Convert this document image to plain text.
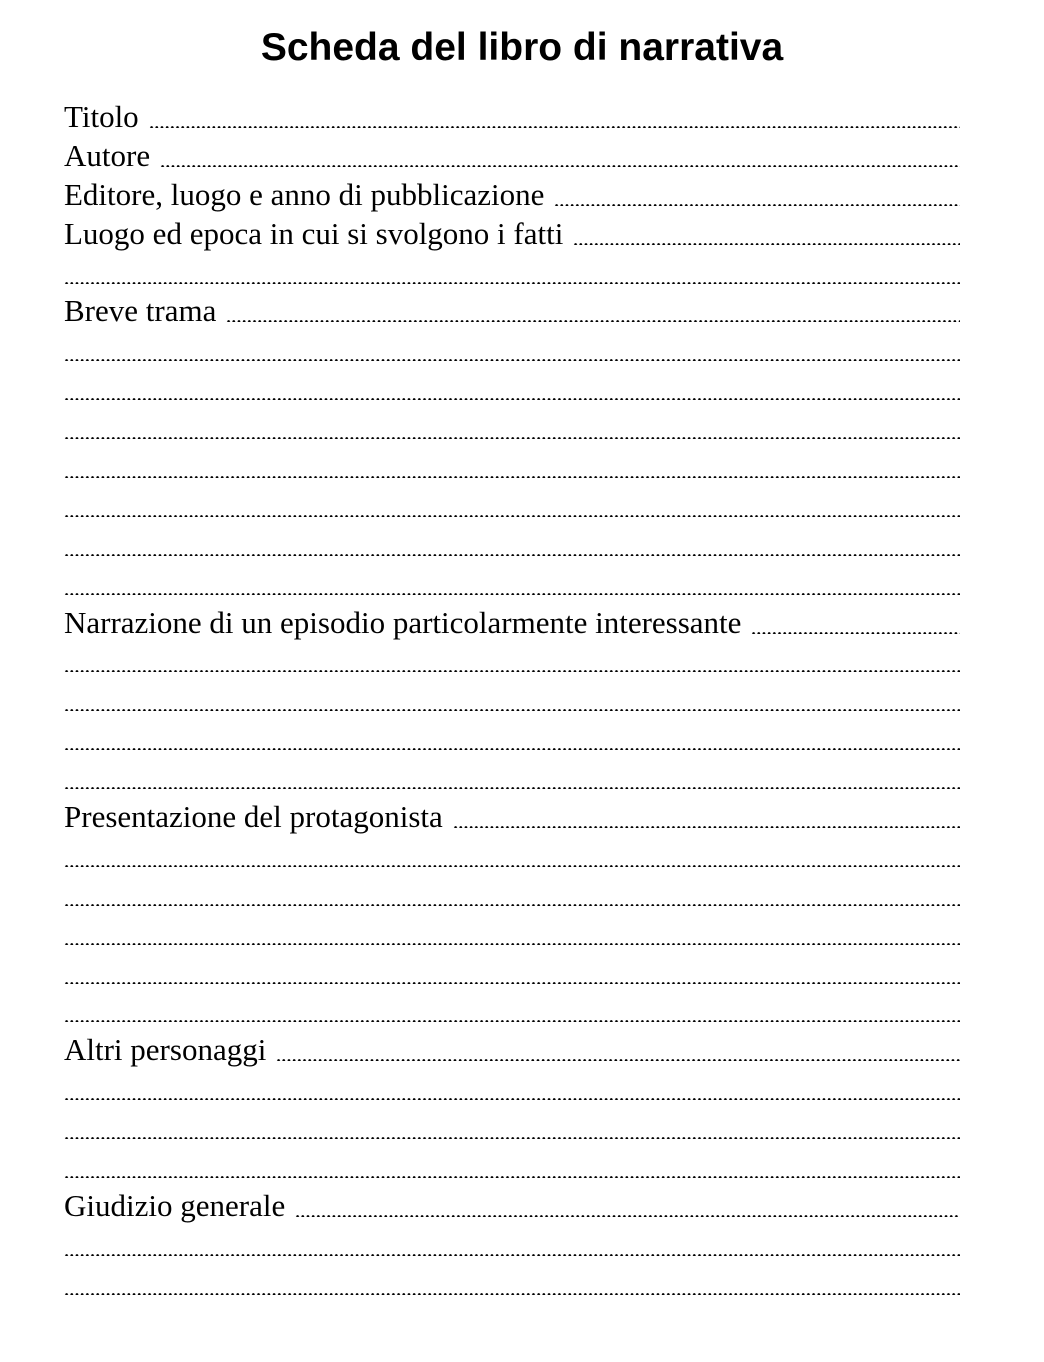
Scheda del libro di narrativa
Titolo
Autore
Editore, luogo e anno di pubblicazione
Luogo ed epoca in cui si svolgono i fatti
Breve trama
Narrazione di un episodio particolarmente interessante
Presentazione del protagonista
Altri personaggi
Giudizio generale
